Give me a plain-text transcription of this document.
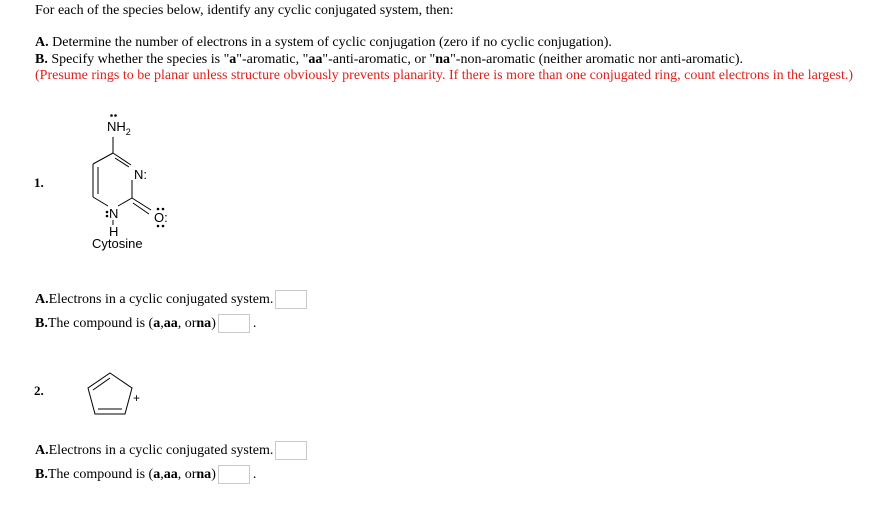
For each of the species below, identify any cyclic conjugated system, then:
A. Determine the number of electrons in a system of cyclic conjugation (zero if no cyclic conjugation).
B. Specify whether the species is "a"-aromatic, "aa"-anti-aromatic, or "na"-non-aromatic (neither aromatic nor anti-aromatic).
(Presume rings to be planar unless structure obviously prevents planarity. If there is more than one conjugated ring, count electrons in the largest.)
1.
$NH_2$
N:
N
H
O:
Cytosine
A. Electrons in a cyclic conjugated system.
B. The compound is ( a , aa , or na )	.
2.	+
A. Electrons in a cyclic conjugated system.
B. The compound is ( a , aa , or na )	.
